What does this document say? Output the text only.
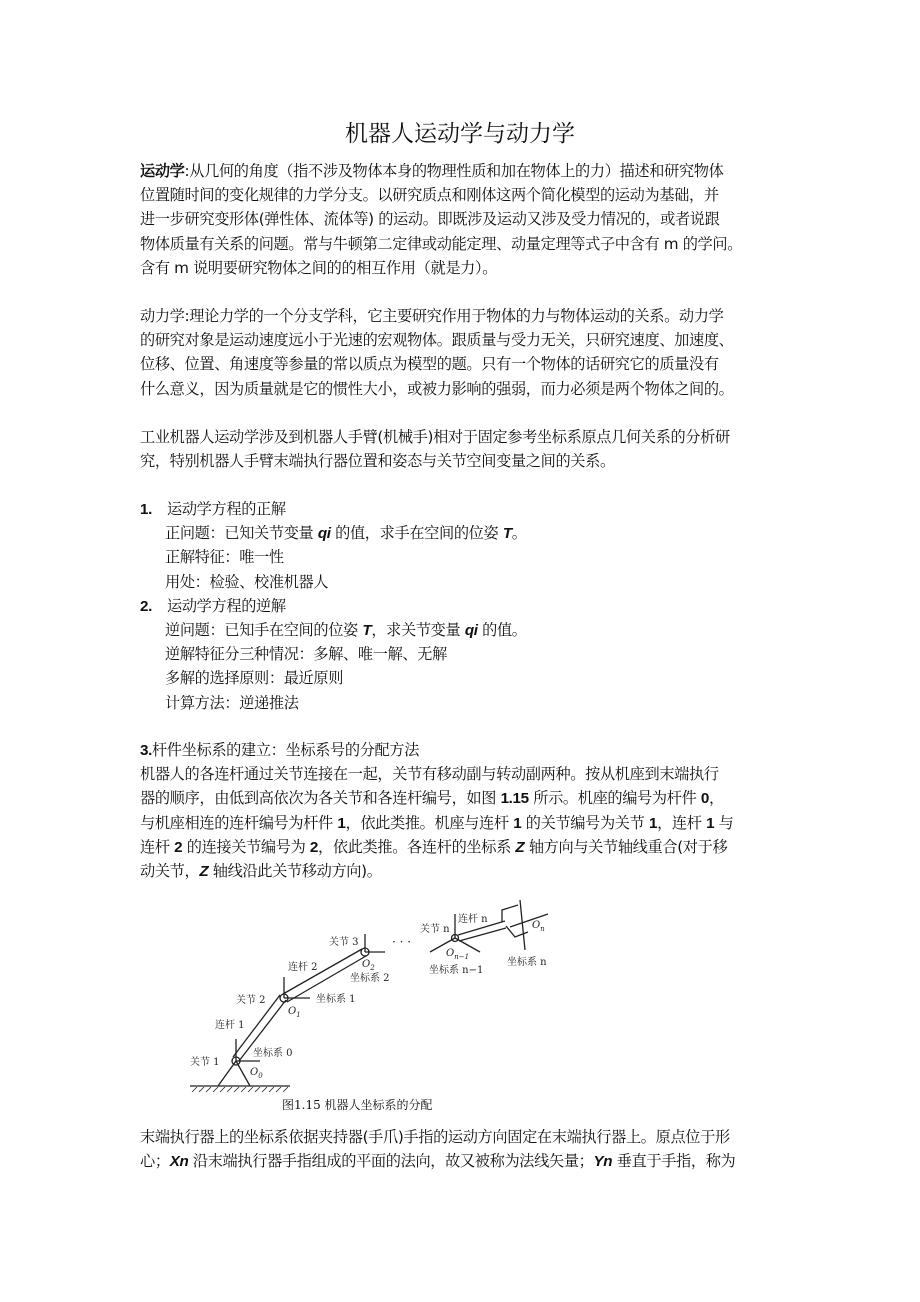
机器人运动学与动力学
运动学:从几何的角度（指不涉及物体本身的物理性质和加在物体上的力）描述和研究物体
位置随时间的变化规律的力学分支。以研究质点和刚体这两个简化模型的运动为基础，并
进一步研究变形体(弹性体、流体等) 的运动。即既涉及运动又涉及受力情况的，或者说跟
物体质量有关系的问题。常与牛顿第二定律或动能定理、动量定理等式子中含有 m 的学问。
含有 m 说明要研究物体之间的的相互作用（就是力）。
动力学:理论力学的一个分支学科，它主要研究作用于物体的力与物体运动的关系。动力学
的研究对象是运动速度远小于光速的宏观物体。跟质量与受力无关，只研究速度、加速度、
位移、位置、角速度等参量的常以质点为模型的题。只有一个物体的话研究它的质量没有
什么意义，因为质量就是它的惯性大小，或被力影响的强弱，而力必须是两个物体之间的。
工业机器人运动学涉及到机器人手臂(机械手)相对于固定参考坐标系原点几何关系的分析研
究，特别机器人手臂末端执行器位置和姿态与关节空间变量之间的关系。
1. 运动学方程的正解
正问题：已知关节变量 qi 的值，求手在空间的位姿 T。
正解特征：唯一性
用处：检验、校准机器人
2. 运动学方程的逆解
逆问题：已知手在空间的位姿 T，求关节变量 qi 的值。
逆解特征分三种情况：多解、唯一解、无解
多解的选择原则：最近原则
计算方法：逆递推法
3.杆件坐标系的建立：坐标系号的分配方法
机器人的各连杆通过关节连接在一起，关节有移动副与转动副两种。按从机座到末端执行
器的顺序，由低到高依次为各关节和各连杆编号，如图 1.15 所示。机座的编号为杆件 0，
与机座相连的连杆编号为杆件 1，依此类推。机座与连杆 1 的关节编号为关节 1，连杆 1 与
连杆 2 的连接关节编号为 2，依此类推。各连杆的坐标系 Z 轴方向与关节轴线重合(对于移
动关节，Z 轴线沿此关节移动方向)。
关节 1
连杆 1
坐标系 0
$O_0$
关节 2
$O_1$
坐标系 1
连杆 2
关节 3
$O_2$
坐标系 2
· · ·
关节 n
连杆 n
$O_{n-1}$
坐标系 n−1
$O_n$
坐标系 n
图1.15 机器人坐标系的分配
末端执行器上的坐标系依据夹持器(手爪)手指的运动方向固定在末端执行器上。原点位于形
心；Xn 沿末端执行器手指组成的平面的法向，故又被称为法线矢量；Yn 垂直于手指，称为
